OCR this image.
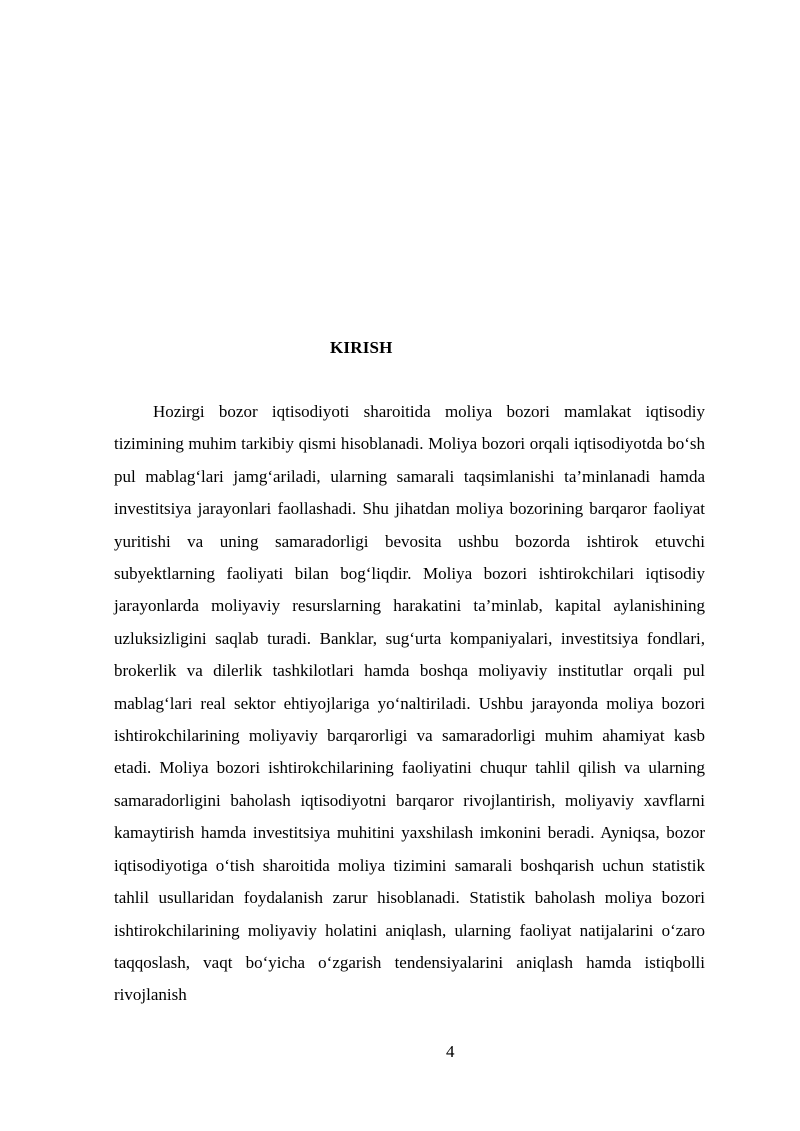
KIRISH

Hozirgi bozor iqtisodiyoti sharoitida moliya bozori mamlakat iqtisodiy tizimining muhim tarkibiy qismi hisoblanadi. Moliya bozori orqali iqtisodiyotda bo‘sh pul mablag‘lari jamg‘ariladi, ularning samarali taqsimlanishi ta’minlanadi hamda investitsiya jarayonlari faollashadi. Shu jihatdan moliya bozorining barqaror faoliyat yuritishi va uning samaradorligi bevosita ushbu bozorda ishtirok etuvchi subyektlarning faoliyati bilan bog‘liqdir. Moliya bozori ishtirokchilari iqtisodiy jarayonlarda moliyaviy resurslarning harakatini ta’minlab, kapital aylanishining uzluksizligini saqlab turadi. Banklar, sug‘urta kompaniyalari, investitsiya fondlari, brokerlik va dilerlik tashkilotlari hamda boshqa moliyaviy institutlar orqali pul mablag‘lari real sektor ehtiyojlariga yo‘naltiriladi. Ushbu jarayonda moliya bozori ishtirokchilarining moliyaviy barqarorligi va samaradorligi muhim ahamiyat kasb etadi. Moliya bozori ishtirokchilarining faoliyatini chuqur tahlil qilish va ularning samaradorligini baholash iqtisodiyotni barqaror rivojlantirish, moliyaviy xavflarni kamaytirish hamda investitsiya muhitini yaxshilash imkonini beradi. Ayniqsa, bozor iqtisodiyotiga o‘tish sharoitida moliya tizimini samarali boshqarish uchun statistik tahlil usullaridan foydalanish zarur hisoblanadi. Statistik baholash moliya bozori ishtirokchilarining moliyaviy holatini aniqlash, ularning faoliyat natijalarini o‘zaro taqqoslash, vaqt bo‘yicha o‘zgarish tendensiyalarini aniqlash hamda istiqbolli rivojlanish

4
